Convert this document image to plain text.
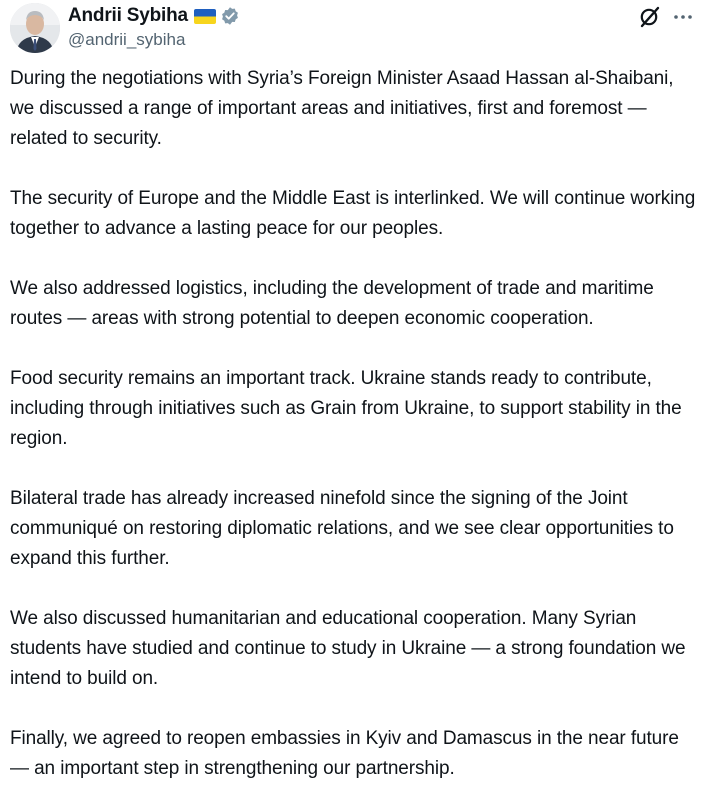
Andrii Sybiha
@andrii_sybiha

During the negotiations with Syria’s Foreign Minister Asaad Hassan al-Shaibani, we discussed a range of important areas and initiatives, first and foremost — related to security.

The security of Europe and the Middle East is interlinked. We will continue working together to advance a lasting peace for our peoples.

We also addressed logistics, including the development of trade and maritime routes — areas with strong potential to deepen economic cooperation.

Food security remains an important track. Ukraine stands ready to contribute, including through initiatives such as Grain from Ukraine, to support stability in the region.

Bilateral trade has already increased ninefold since the signing of the Joint communiqué on restoring diplomatic relations, and we see clear opportunities to expand this further.

We also discussed humanitarian and educational cooperation. Many Syrian students have studied and continue to study in Ukraine — a strong foundation we intend to build on.

Finally, we agreed to reopen embassies in Kyiv and Damascus in the near future — an important step in strengthening our partnership.
